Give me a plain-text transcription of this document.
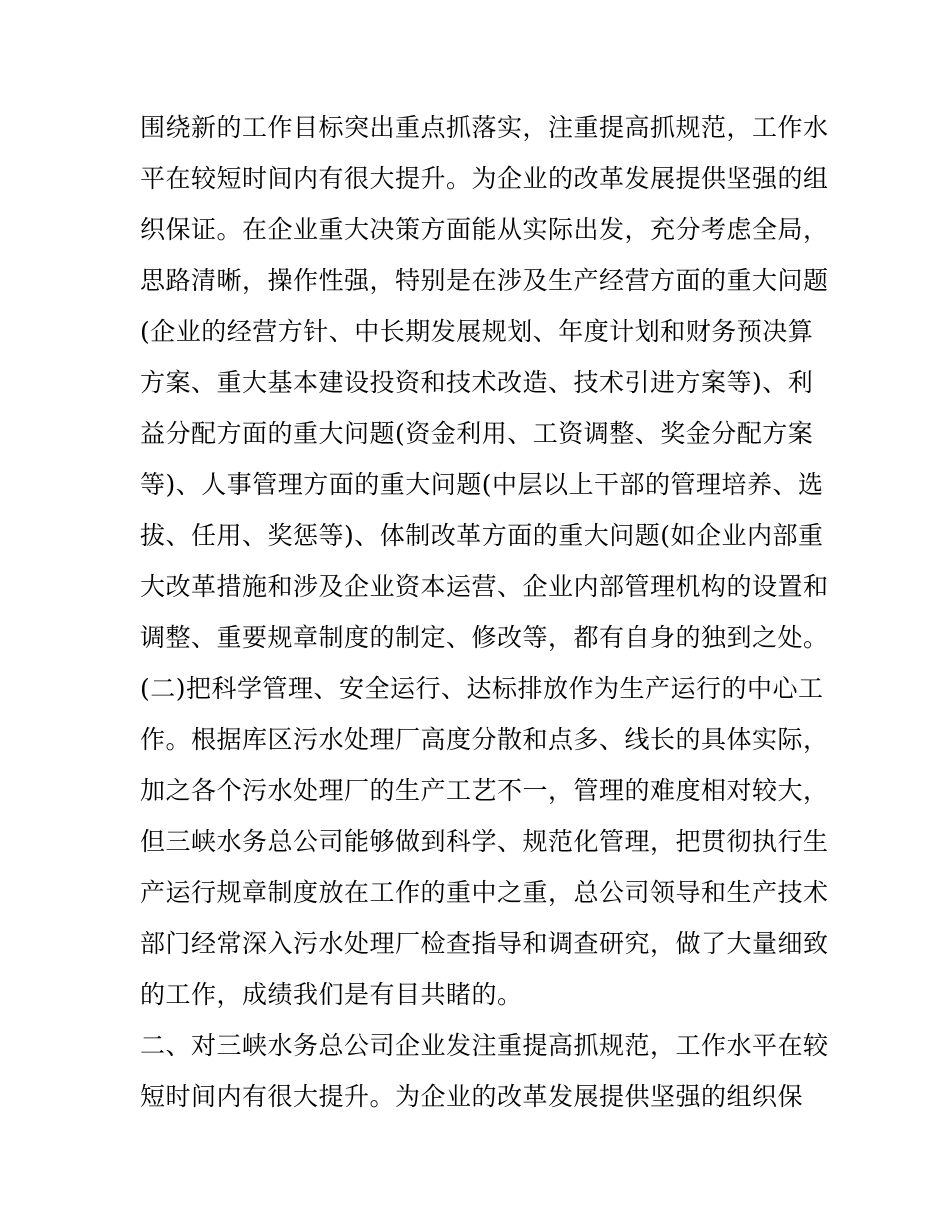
围绕新的工作目标突出重点抓落实，注重提高抓规范，工作水
平在较短时间内有很大提升。为企业的改革发展提供坚强的组
织保证。在企业重大决策方面能从实际出发，充分考虑全局，
思路清晰，操作性强，特别是在涉及生产经营方面的重大问题
(企业的经营方针、中长期发展规划、年度计划和财务预决算
方案、重大基本建设投资和技术改造、技术引进方案等)、利
益分配方面的重大问题(资金利用、工资调整、奖金分配方案
等)、人事管理方面的重大问题(中层以上干部的管理培养、选
拔、任用、奖惩等)、体制改革方面的重大问题(如企业内部重
大改革措施和涉及企业资本运营、企业内部管理机构的设置和
调整、重要规章制度的制定、修改等，都有自身的独到之处。
(二)把科学管理、安全运行、达标排放作为生产运行的中心工
作。根据库区污水处理厂高度分散和点多、线长的具体实际，
加之各个污水处理厂的生产工艺不一，管理的难度相对较大，
但三峡水务总公司能够做到科学、规范化管理，把贯彻执行生
产运行规章制度放在工作的重中之重，总公司领导和生产技术
部门经常深入污水处理厂检查指导和调查研究，做了大量细致
的工作，成绩我们是有目共睹的。
二、对三峡水务总公司企业发注重提高抓规范，工作水平在较
短时间内有很大提升。为企业的改革发展提供坚强的组织保
